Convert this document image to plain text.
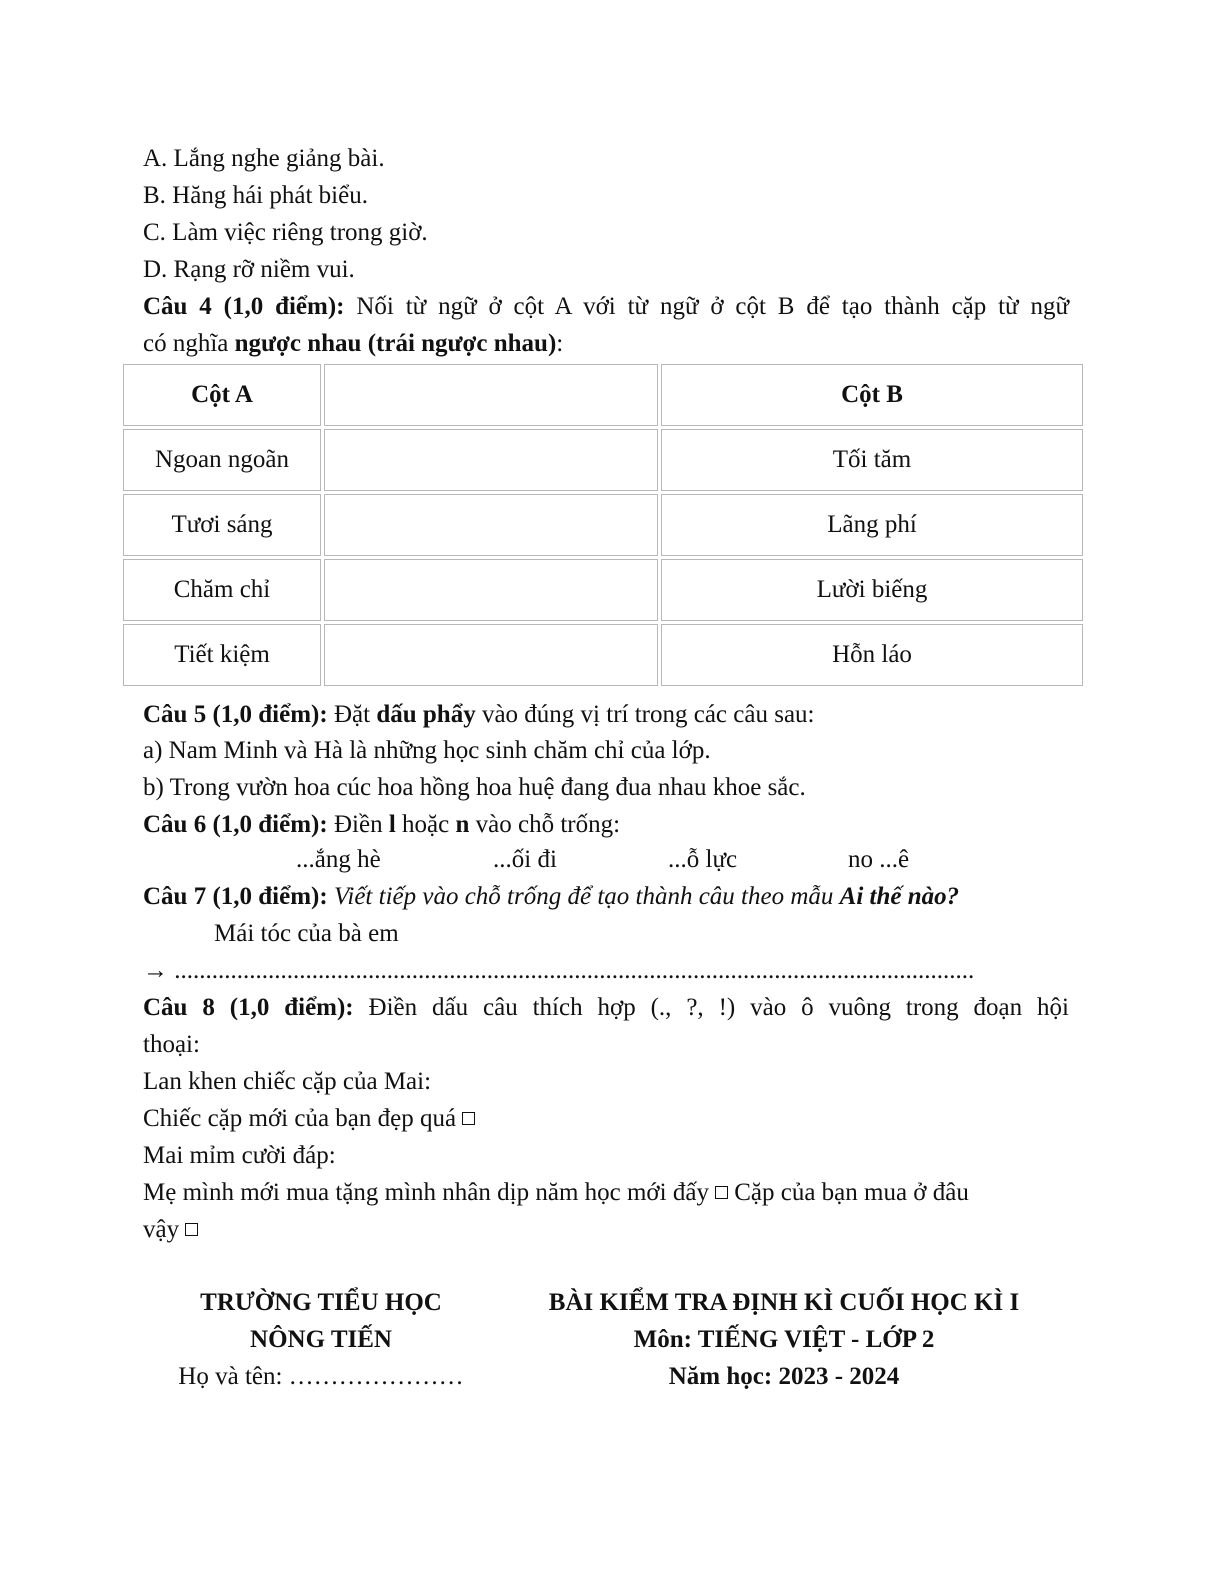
A. Lắng nghe giảng bài.
B. Hăng hái phát biểu.
C. Làm việc riêng trong giờ.
D. Rạng rỡ niềm vui.
Câu 4 (1,0 điểm): Nối từ ngữ ở cột A với từ ngữ ở cột B để tạo thành cặp từ ngữ
có nghĩa ngược nhau (trái ngược nhau):
Cột A		Cột B
Ngoan ngoãn		Tối tăm
Tươi sáng		Lãng phí
Chăm chỉ		Lười biếng
Tiết kiệm		Hỗn láo
Câu 5 (1,0 điểm): Đặt dấu phẩy vào đúng vị trí trong các câu sau:
a) Nam Minh và Hà là những học sinh chăm chỉ của lớp.
b) Trong vườn hoa cúc hoa hồng hoa huệ đang đua nhau khoe sắc.
Câu 6 (1,0 điểm): Điền l hoặc n vào chỗ trống:
...ắng hè	...ối đi	...ỗ lực	no ...ê
Câu 7 (1,0 điểm): Viết tiếp vào chỗ trống để tạo thành câu theo mẫu Ai thế nào?
Mái tóc của bà em
→ ................................................................................................................................
Câu 8 (1,0 điểm): Điền dấu câu thích hợp (., ?, !) vào ô vuông trong đoạn hội
thoại:
Lan khen chiếc cặp của Mai:
Chiếc cặp mới của bạn đẹp quá
Mai mỉm cười đáp:
Mẹ mình mới mua tặng mình nhân dịp năm học mới đấy Cặp của bạn mua ở đâu
vậy
TRƯỜNG TIỂU HỌC
NÔNG TIẾN
Họ và tên: …………………
BÀI KIỂM TRA ĐỊNH KÌ CUỐI HỌC KÌ I
Môn: TIẾNG VIỆT - LỚP 2
Năm học: 2023 - 2024
